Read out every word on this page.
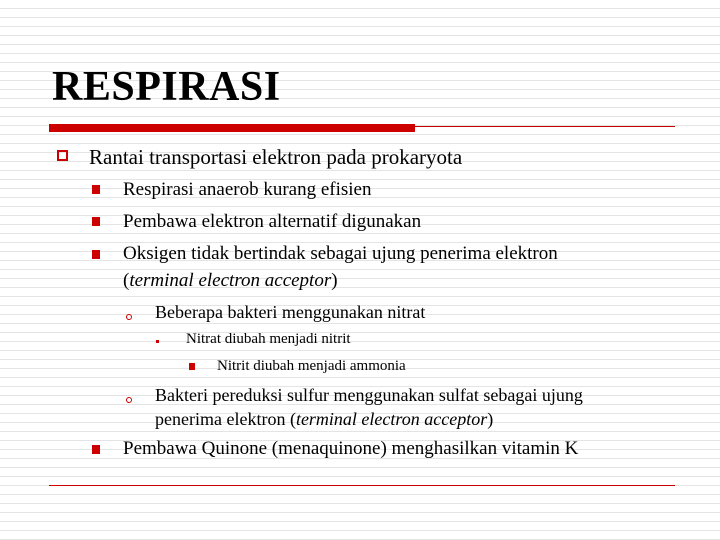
RESPIRASI
Rantai transportasi elektron pada prokaryota
Respirasi anaerob kurang efisien
Pembawa elektron alternatif digunakan
Oksigen tidak bertindak sebagai ujung penerima elektron
(terminal electron acceptor)
Beberapa bakteri menggunakan nitrat
Nitrat diubah menjadi nitrit
Nitrit diubah menjadi ammonia
Bakteri pereduksi sulfur menggunakan sulfat sebagai ujung
penerima elektron (terminal electron acceptor)
Pembawa Quinone (menaquinone) menghasilkan vitamin K
